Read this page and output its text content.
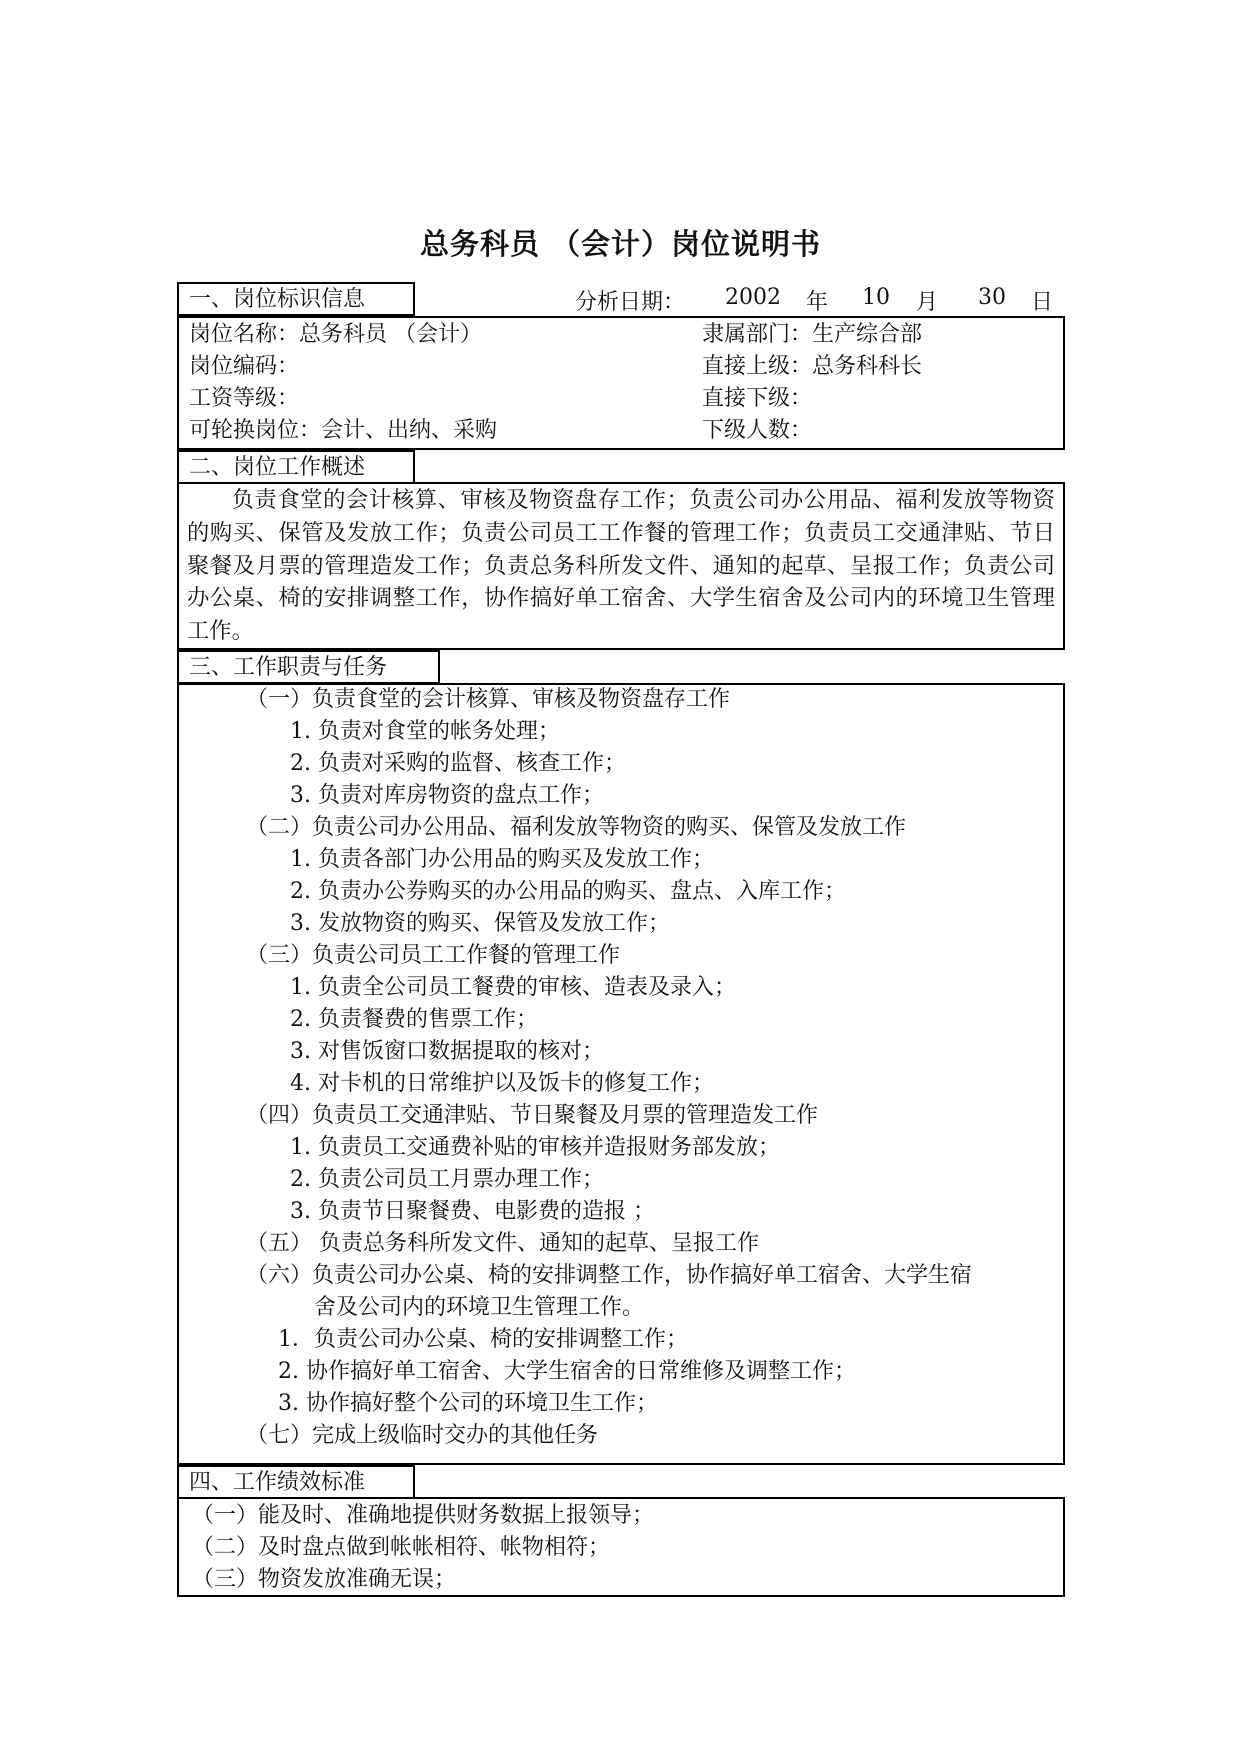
总务科员 （会计）岗位说明书
一、岗位标识信息	分析日期： 2002 年 10 月 30 日
岗位名称：总务科员 （会计）
岗位编码：
工资等级：
可轮换岗位：会计、出纳、采购
隶属部门：生产综合部
直接上级：总务科科长
直接下级：
下级人数：
二、岗位工作概述
负责食堂的会计核算、审核及物资盘存工作；负责公司办公用品、福利发放等物资的购买、保管及发放工作；负责公司员工工作餐的管理工作；负责员工交通津贴、节日聚餐及月票的管理造发工作；负责总务科所发文件、通知的起草、呈报工作；负责公司办公桌、椅的安排调整工作，协作搞好单工宿舍、大学生宿舍及公司内的环境卫生管理工作。
三、工作职责与任务
（一）负责食堂的会计核算、审核及物资盘存工作
1. 负责对食堂的帐务处理；
2. 负责对采购的监督、核查工作；
3. 负责对库房物资的盘点工作；
（二）负责公司办公用品、福利发放等物资的购买、保管及发放工作
1. 负责各部门办公用品的购买及发放工作；
2. 负责办公券购买的办公用品的购买、盘点、入库工作；
3. 发放物资的购买、保管及发放工作；
（三）负责公司员工工作餐的管理工作
1. 负责全公司员工餐费的审核、造表及录入；
2. 负责餐费的售票工作；
3. 对售饭窗口数据提取的核对；
4. 对卡机的日常维护以及饭卡的修复工作；
（四）负责员工交通津贴、节日聚餐及月票的管理造发工作
1. 负责员工交通费补贴的审核并造报财务部发放；
2. 负责公司员工月票办理工作；
3. 负责节日聚餐费、电影费的造报 ；
（五） 负责总务科所发文件、通知的起草、呈报工作
（六）负责公司办公桌、椅的安排调整工作，协作搞好单工宿舍、大学生宿
舍及公司内的环境卫生管理工作。
1．负责公司办公桌、椅的安排调整工作；
2. 协作搞好单工宿舍、大学生宿舍的日常维修及调整工作；
3. 协作搞好整个公司的环境卫生工作；
（七）完成上级临时交办的其他任务
四、工作绩效标准
（一）能及时、准确地提供财务数据上报领导；
（二）及时盘点做到帐帐相符、帐物相符；
（三）物资发放准确无误；
